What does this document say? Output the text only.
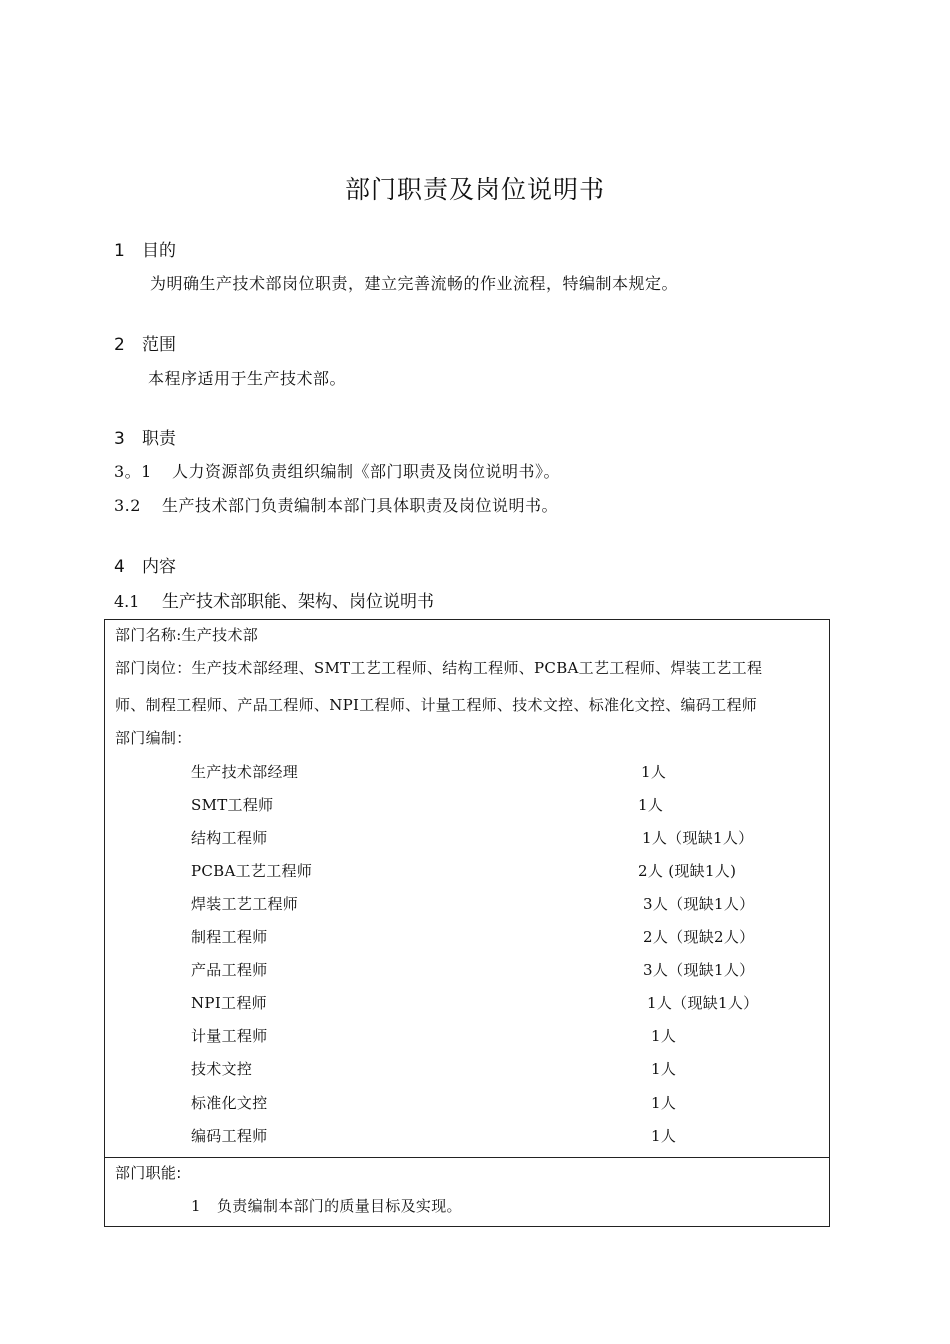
部门职责及岗位说明书
1 目的
为明确生产技术部岗位职责，建立完善流畅的作业流程，特编制本规定。
2 范围
本程序适用于生产技术部。
3 职责
3。1 人力资源部负责组织编制《部门职责及岗位说明书》。
3.2 生产技术部门负责编制本部门具体职责及岗位说明书。
4 内容
4.1 生产技术部职能、架构、岗位说明书
部门名称:生产技术部
部门岗位：生产技术部经理、SMT工艺工程师、结构工程师、PCBA工艺工程师、焊装工艺工程
师、制程工程师、产品工程师、NPI工程师、计量工程师、技术文控、标准化文控、编码工程师
部门编制：
生产技术部经理	1人
SMT工程师	1人
结构工程师	1人（现缺1人）
PCBA工艺工程师	2人 (现缺1人)
焊装工艺工程师	3人（现缺1人）
制程工程师	2人（现缺2人）
产品工程师	3人（现缺1人）
NPI工程师	1人（现缺1人）
计量工程师	1人
技术文控	1人
标准化文控	1人
编码工程师	1人
部门职能:
1 负责编制本部门的质量目标及实现。
